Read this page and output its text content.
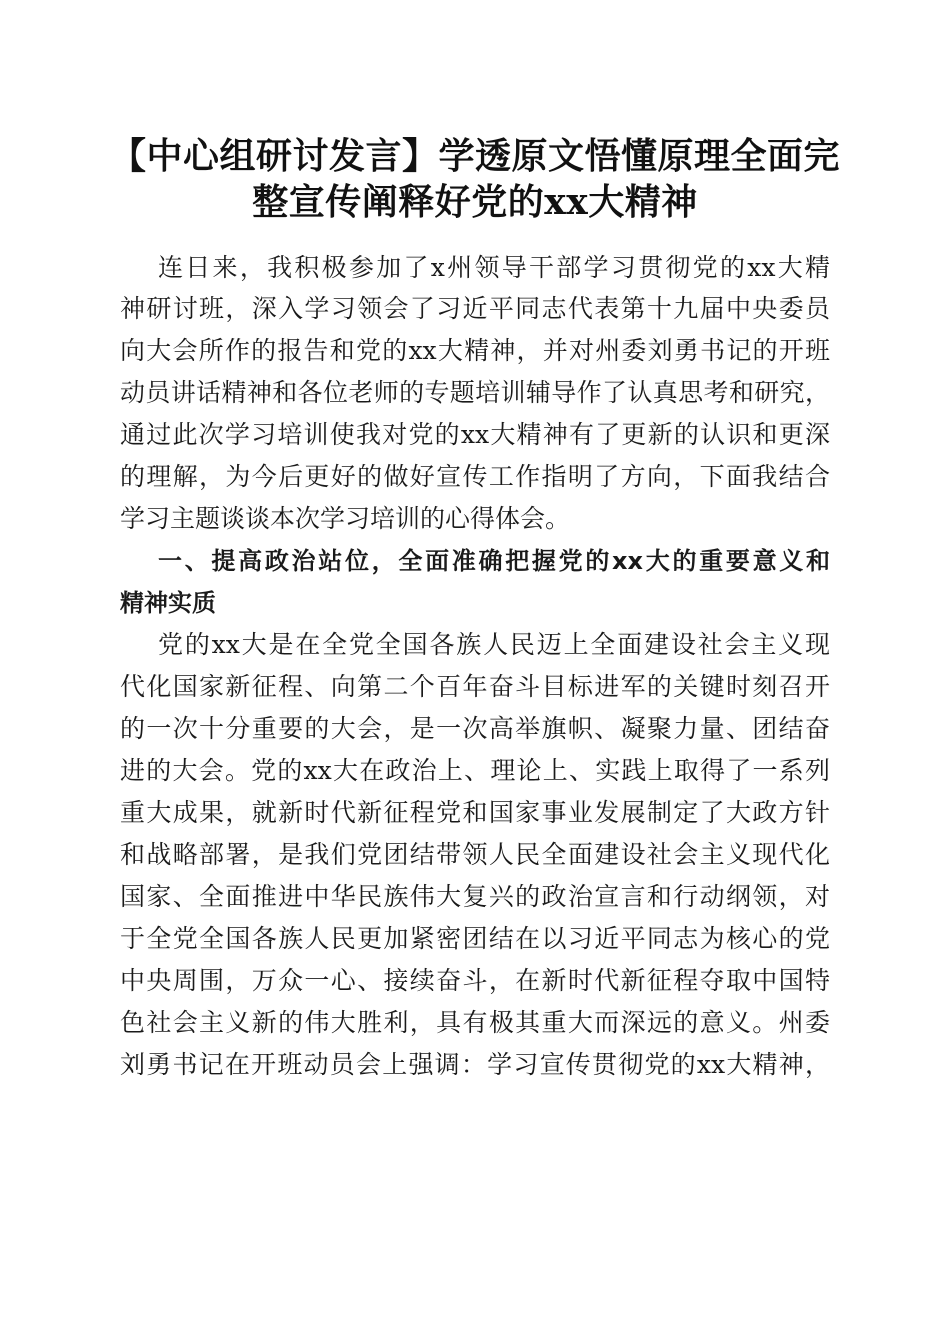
【中心组研讨发言】学透原文悟懂原理全面完
整宣传阐释好党的xx大精神
连日来，我积极参加了x州领导干部学习贯彻党的xx大精
神研讨班，深入学习领会了习近平同志代表第十九届中央委员
向大会所作的报告和党的xx大精神，并对州委刘勇书记的开班
动员讲话精神和各位老师的专题培训辅导作了认真思考和研究，
通过此次学习培训使我对党的xx大精神有了更新的认识和更深
的理解，为今后更好的做好宣传工作指明了方向，下面我结合
学习主题谈谈本次学习培训的心得体会。
一、提高政治站位，全面准确把握党的xx大的重要意义和
精神实质
党的xx大是在全党全国各族人民迈上全面建设社会主义现
代化国家新征程、向第二个百年奋斗目标进军的关键时刻召开
的一次十分重要的大会，是一次高举旗帜、凝聚力量、团结奋
进的大会。党的xx大在政治上、理论上、实践上取得了一系列
重大成果，就新时代新征程党和国家事业发展制定了大政方针
和战略部署，是我们党团结带领人民全面建设社会主义现代化
国家、全面推进中华民族伟大复兴的政治宣言和行动纲领，对
于全党全国各族人民更加紧密团结在以习近平同志为核心的党
中央周围，万众一心、接续奋斗，在新时代新征程夺取中国特
色社会主义新的伟大胜利，具有极其重大而深远的意义。州委
刘勇书记在开班动员会上强调：学习宣传贯彻党的xx大精神，
